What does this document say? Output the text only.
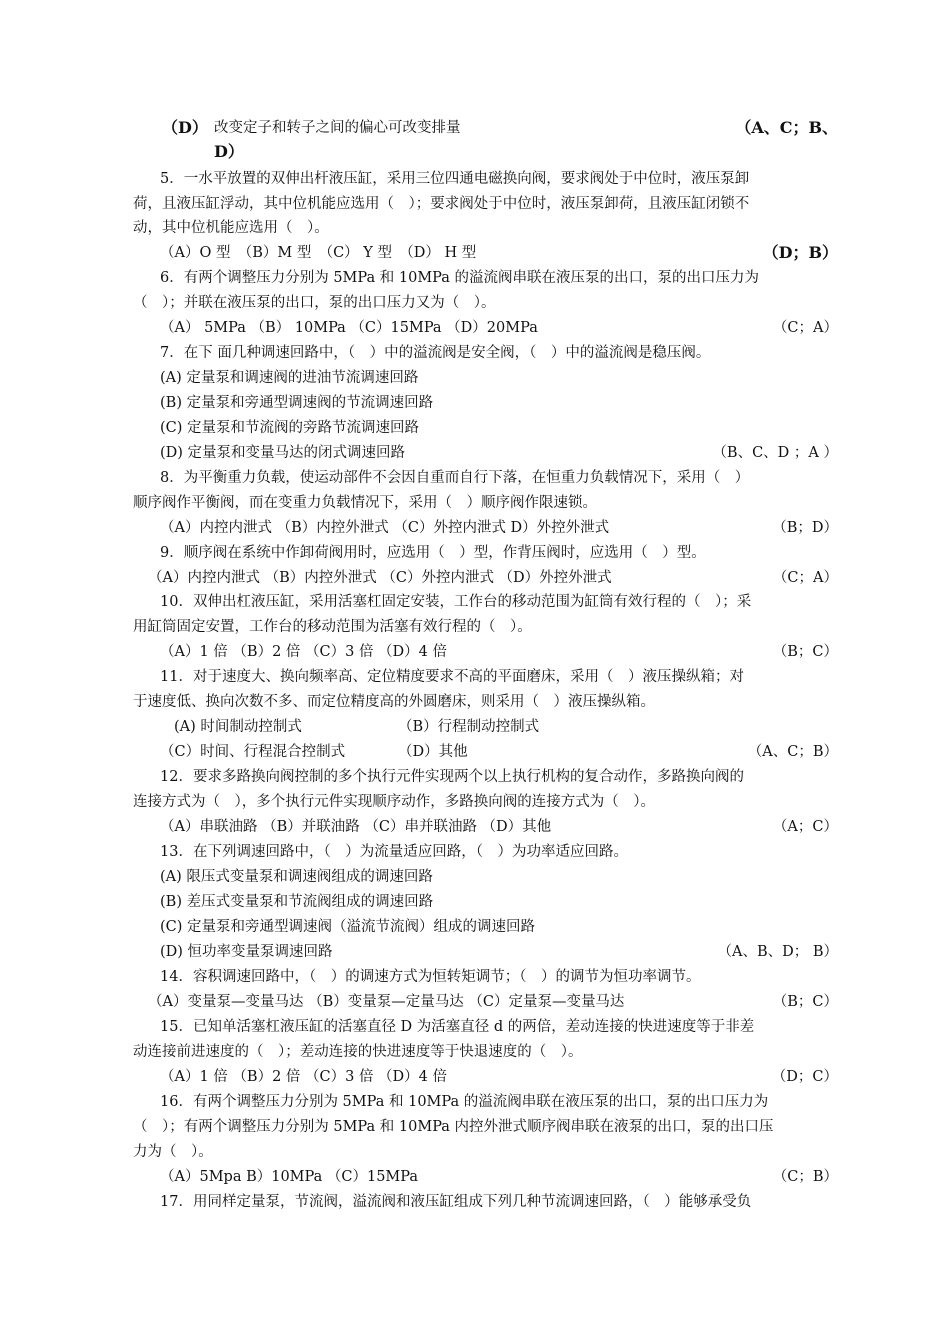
（D） 改变定子和转子之间的偏心可改变排量	（A、C；B、
D）
5．一水平放置的双伸出杆液压缸，采用三位四通电磁换向阀，要求阀处于中位时，液压泵卸
荷，且液压缸浮动，其中位机能应选用（　）；要求阀处于中位时，液压泵卸荷，且液压缸闭锁不
动，其中位机能应选用（　）。
（A）O 型　（B）M 型　（C） Y 型　（D） H 型	（D；B）
6．有两个调整压力分别为 5MPa 和 10MPa 的溢流阀串联在液压泵的出口，泵的出口压力为
（　）；并联在液压泵的出口，泵的出口压力又为（　）。
（A） 5MPa （B） 10MPa （C）15MPa （D）20MPa	（C；A）
7．在下 面几种调速回路中，（　）中的溢流阀是安全阀，（　）中的溢流阀是稳压阀。
(A) 定量泵和调速阀的进油节流调速回路
(B) 定量泵和旁通型调速阀的节流调速回路
(C) 定量泵和节流阀的旁路节流调速回路
(D) 定量泵和变量马达的闭式调速回路	（B、C、D ；A ）
8．为平衡重力负载，使运动部件不会因自重而自行下落，在恒重力负载情况下，采用（　）
顺序阀作平衡阀，而在变重力负载情况下，采用（　）顺序阀作限速锁。
（A）内控内泄式 （B）内控外泄式 （C）外控内泄式 D）外控外泄式	（B；D）
9．顺序阀在系统中作卸荷阀用时，应选用（　）型，作背压阀时，应选用（　）型。
（A）内控内泄式 （B）内控外泄式 （C）外控内泄式 （D）外控外泄式	（C；A）
10．双伸出杠液压缸，采用活塞杠固定安装，工作台的移动范围为缸筒有效行程的（　）；采
用缸筒固定安置，工作台的移动范围为活塞有效行程的（　）。
（A）1 倍 （B）2 倍 （C）3 倍 （D）4 倍	（B；C）
11．对于速度大、换向频率高、定位精度要求不高的平面磨床，采用（　）液压操纵箱；对
于速度低、换向次数不多、而定位精度高的外圆磨床，则采用（　）液压操纵箱。
(A) 时间制动控制式	（B）行程制动控制式
（C）时间、行程混合控制式	（D）其他	（A、C；B）
12．要求多路换向阀控制的多个执行元件实现两个以上执行机构的复合动作，多路换向阀的
连接方式为（　），多个执行元件实现顺序动作，多路换向阀的连接方式为（　）。
（A）串联油路 （B）并联油路 （C）串并联油路 （D）其他	（A；C）
13．在下列调速回路中，（　）为流量适应回路，（　）为功率适应回路。
(A) 限压式变量泵和调速阀组成的调速回路
(B) 差压式变量泵和节流阀组成的调速回路
(C) 定量泵和旁通型调速阀（溢流节流阀）组成的调速回路
(D) 恒功率变量泵调速回路	（A、B、D； B）
14．容积调速回路中，（　）的调速方式为恒转矩调节；（　）的调节为恒功率调节。
（A）变量泵—变量马达 （B）变量泵—定量马达 （C）定量泵—变量马达	（B；C）
15．已知单活塞杠液压缸的活塞直径 D 为活塞直径 d 的两倍，差动连接的快进速度等于非差
动连接前进速度的（　）；差动连接的快进速度等于快退速度的（　）。
（A）1 倍 （B）2 倍 （C）3 倍 （D）4 倍	（D；C）
16．有两个调整压力分别为 5MPa 和 10MPa 的溢流阀串联在液压泵的出口，泵的出口压力为
（　）；有两个调整压力分别为 5MPa 和 10MPa 内控外泄式顺序阀串联在液泵的出口，泵的出口压
力为（　）。
（A）5Mpa B）10MPa （C）15MPa	（C；B）
17．用同样定量泵，节流阀，溢流阀和液压缸组成下列几种节流调速回路，（　）能够承受负
